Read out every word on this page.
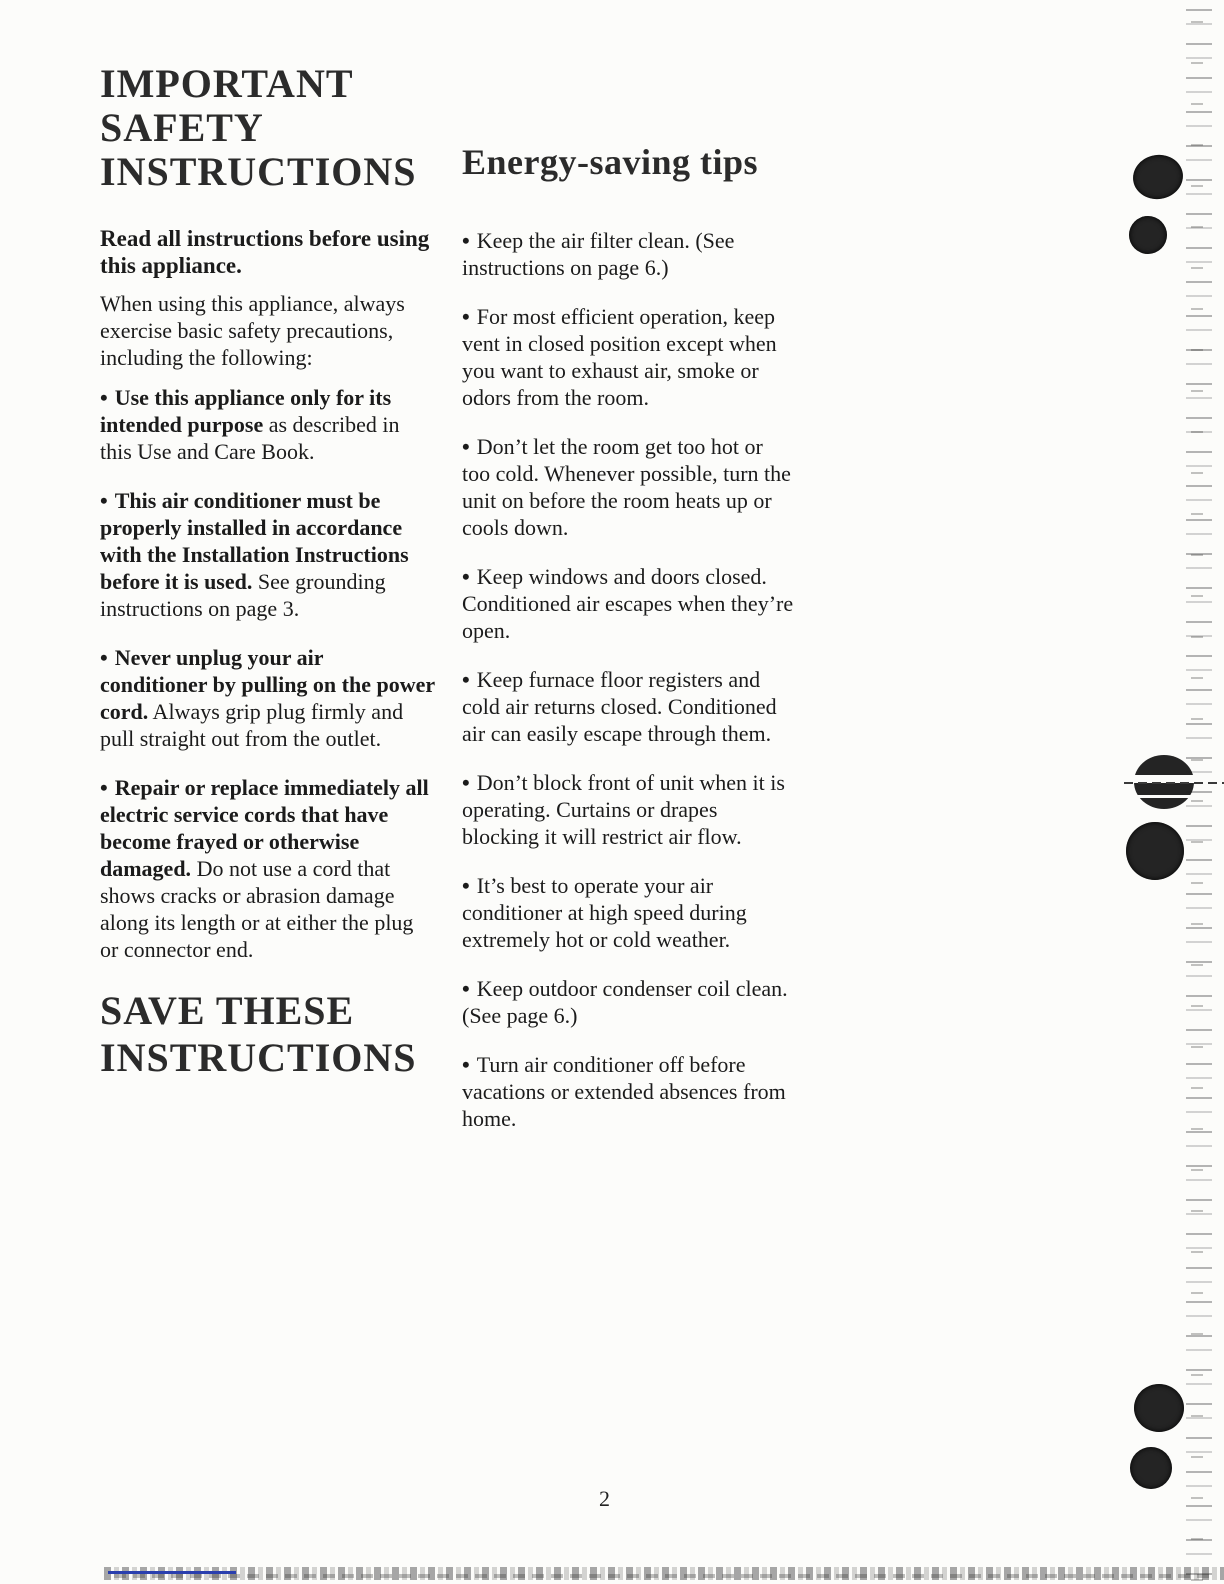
IMPORTANT
SAFETY
INSTRUCTIONS
Read all instructions before using this appliance.
When using this appliance, always exercise basic safety precautions, including the following:

• Use this appliance only for its intended purpose as described in this Use and Care Book.

• This air conditioner must be properly installed in accordance with the Installation Instructions before it is used. See grounding instructions on page 3.

• Never unplug your air conditioner by pulling on the power cord. Always grip plug firmly and pull straight out from the outlet.

• Repair or replace immediately all electric service cords that have become frayed or otherwise damaged. Do not use a cord that shows cracks or abrasion damage along its length or at either the plug or connector end.

SAVE THESE
INSTRUCTIONS
Energy-saving tips

• Keep the air filter clean. (See instructions on page 6.)

• For most efficient operation, keep vent in closed position except when you want to exhaust air, smoke or odors from the room.

• Don’t let the room get too hot or too cold. Whenever possible, turn the unit on before the room heats up or cools down.

• Keep windows and doors closed. Conditioned air escapes when they’re open.

• Keep furnace floor registers and cold air returns closed. Conditioned air can easily escape through them.

• Don’t block front of unit when it is operating. Curtains or drapes blocking it will restrict air flow.

• It’s best to operate your air conditioner at high speed during extremely hot or cold weather.

• Keep outdoor condenser coil clean. (See page 6.)

• Turn air conditioner off before vacations or extended absences from home.

2
